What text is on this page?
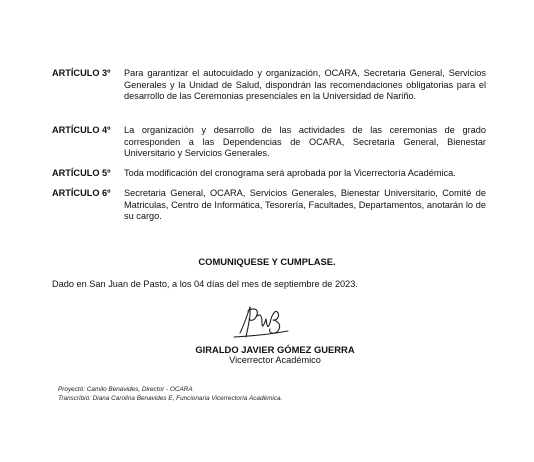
ARTÍCULO 3º Para garantizar el autocuidado y organización, OCARA, Secretaria General, Servicios Generales y la Unidad de Salud, dispondrán las recomendaciones obligatorias para el desarrollo de las Ceremonias presenciales en la Universidad de Nariño.
ARTÍCULO 4º La organización y desarrollo de las actividades de las ceremonias de grado corresponden a las Dependencias de OCARA, Secretaria General, Bienestar Universitario y Servicios Generales.
ARTÍCULO 5º Toda modificación del cronograma será aprobada por la Vicerrectoría Académica.
ARTÍCULO 6º Secretaria General, OCARA, Servicios Generales, Bienestar Universitario, Comité de Matriculas, Centro de Informática, Tesorería, Facultades, Departamentos, anotarán lo de su cargo.
COMUNIQUESE Y CUMPLASE.
Dado en San Juan de Pasto, a los 04 días del mes de septiembre de 2023.
GIRALDO JAVIER GÓMEZ GUERRA
Vicerrector Académico
Proyectó: Camilo Benavides, Director - OCARA
Transcribió: Diana Carolina Benavides E, Funcionaria Vicerrectoría Académica.
